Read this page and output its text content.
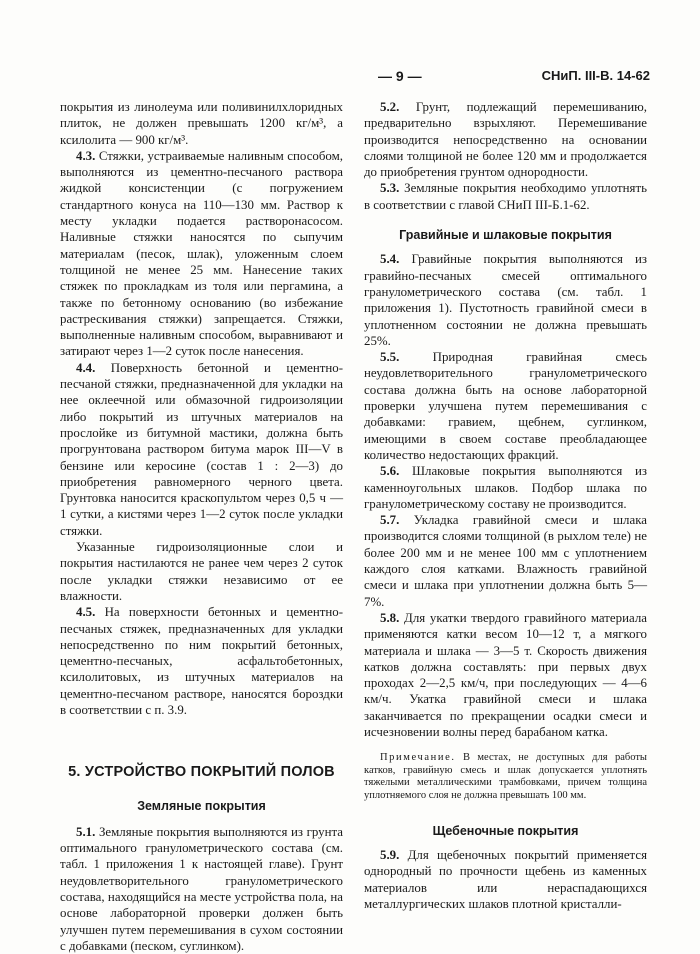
— 9 —	СНиП. III-В. 14-62

покрытия из линолеума или поливинилхлоридных плиток, не должен превышать 1200 кг/м³, а ксилолита — 900 кг/м³.

4.3. Стяжки, устраиваемые наливным способом, выполняются из цементно-песчаного раствора жидкой консистенции (с погружением стандартного конуса на 110—130 мм. Раствор к месту укладки подается растворонасосом. Наливные стяжки наносятся по сыпучим материалам (песок, шлак), уложенным слоем толщиной не менее 25 мм. Нанесение таких стяжек по прокладкам из толя или пергамина, а также по бетонному основанию (во избежание растрескивания стяжки) запрещается. Стяжки, выполненные наливным способом, выравнивают и затирают через 1—2 суток после нанесения.

4.4. Поверхность бетонной и цементно-песчаной стяжки, предназначенной для укладки на нее оклеечной или обмазочной гидроизоляции либо покрытий из штучных материалов на прослойке из битумной мастики, должна быть прогрунтована раствором битума марок III—V в бензине или керосине (состав 1 : 2—3) до приобретения равномерного черного цвета. Грунтовка наносится краскопультом через 0,5 ч — 1 сутки, а кистями через 1—2 суток после укладки стяжки.

Указанные гидроизоляционные слои и покрытия настилаются не ранее чем через 2 суток после укладки стяжки независимо от ее влажности.

4.5. На поверхности бетонных и цементно-песчаных стяжек, предназначенных для укладки непосредственно по ним покрытий бетонных, цементно-песчаных, асфальтобетонных, ксилолитовых, из штучных материалов на цементно-песчаном растворе, наносятся бороздки в соответствии с п. 3.9.

5. УСТРОЙСТВО ПОКРЫТИЙ ПОЛОВ
Земляные покрытия

5.1. Земляные покрытия выполняются из грунта оптимального гранулометрического состава (см. табл. 1 приложения 1 к настоящей главе). Грунт неудовлетворительного гранулометрического состава, находящийся на месте устройства пола, на основе лабораторной проверки должен быть улучшен путем перемешивания в сухом состоянии с добавками (песком, суглинком).

5.2. Грунт, подлежащий перемешиванию, предварительно взрыхляют. Перемешивание производится непосредственно на основании слоями толщиной не более 120 мм и продолжается до приобретения грунтом однородности.

5.3. Земляные покрытия необходимо уплотнять в соответствии с главой СНиП III-Б.1-62.

Гравийные и шлаковые покрытия

5.4. Гравийные покрытия выполняются из гравийно-песчаных смесей оптимального гранулометрического состава (см. табл. 1 приложения 1). Пустотность гравийной смеси в уплотненном состоянии не должна превышать 25%.

5.5. Природная гравийная смесь неудовлетворительного гранулометрического состава должна быть на основе лабораторной проверки улучшена путем перемешивания с добавками: гравием, щебнем, суглинком, имеющими в своем составе преобладающее количество недостающих фракций.

5.6. Шлаковые покрытия выполняются из каменноугольных шлаков. Подбор шлака по гранулометрическому составу не производится.

5.7. Укладка гравийной смеси и шлака производится слоями толщиной (в рыхлом теле) не более 200 мм и не менее 100 мм с уплотнением каждого слоя катками. Влажность гравийной смеси и шлака при уплотнении должна быть 5—7%.

5.8. Для укатки твердого гравийного материала применяются катки весом 10—12 т, а мягкого материала и шлака — 3—5 т. Скорость движения катков должна составлять: при первых двух проходах 2—2,5 км/ч, при последующих — 4—6 км/ч. Укатка гравийной смеси и шлака заканчивается по прекращении осадки смеси и исчезновении волны перед барабаном катка.

Примечание. В местах, не доступных для работы катков, гравийную смесь и шлак допускается уплотнять тяжелыми металлическими трамбовками, причем толщина уплотняемого слоя не должна превышать 100 мм.
Щебеночные покрытия

5.9. Для щебеночных покрытий применяется однородный по прочности щебень из каменных материалов или нераспадающихся металлургических шлаков плотной кристалли-
